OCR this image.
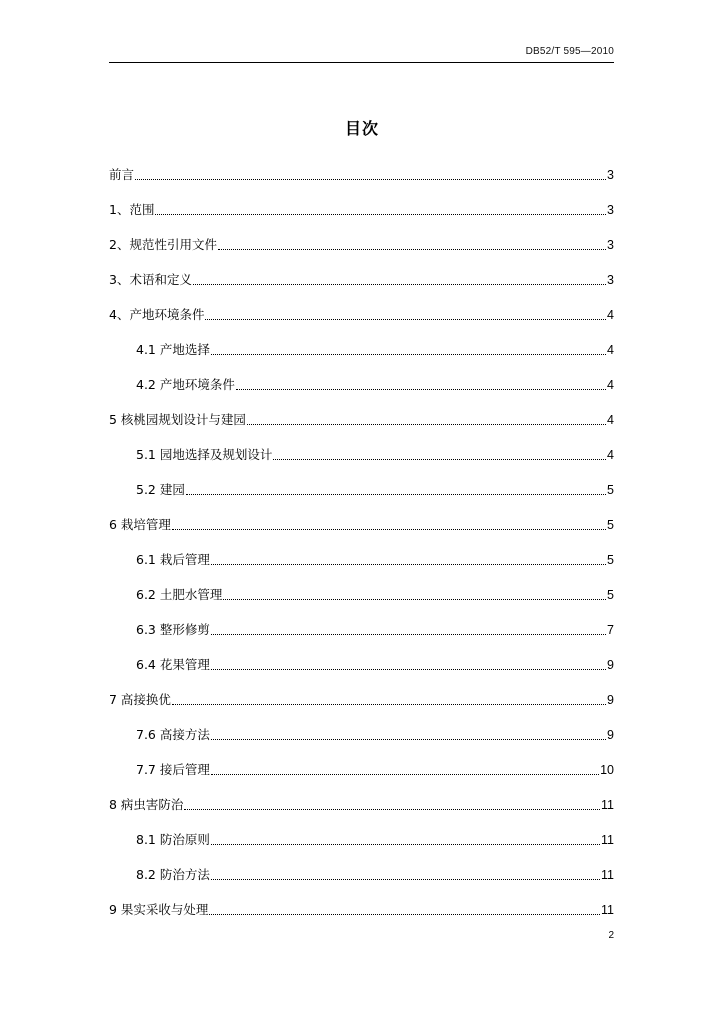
DB52/T 595—2010
目次
前言	3
1、范围	3
2、规范性引用文件	3
3、术语和定义	3
4、产地环境条件	4
4.1 产地选择	4
4.2 产地环境条件	4
5 核桃园规划设计与建园	4
5.1 园地选择及规划设计	4
5.2 建园	5
6 栽培管理	5
6.1 栽后管理	5
6.2 土肥水管理	5
6.3 整形修剪	7
6.4 花果管理	9
7 高接换优	9
7.6 高接方法	9
7.7 接后管理	10
8 病虫害防治	11
8.1 防治原则	11
8.2 防治方法	11
9 果实采收与处理	11
2
